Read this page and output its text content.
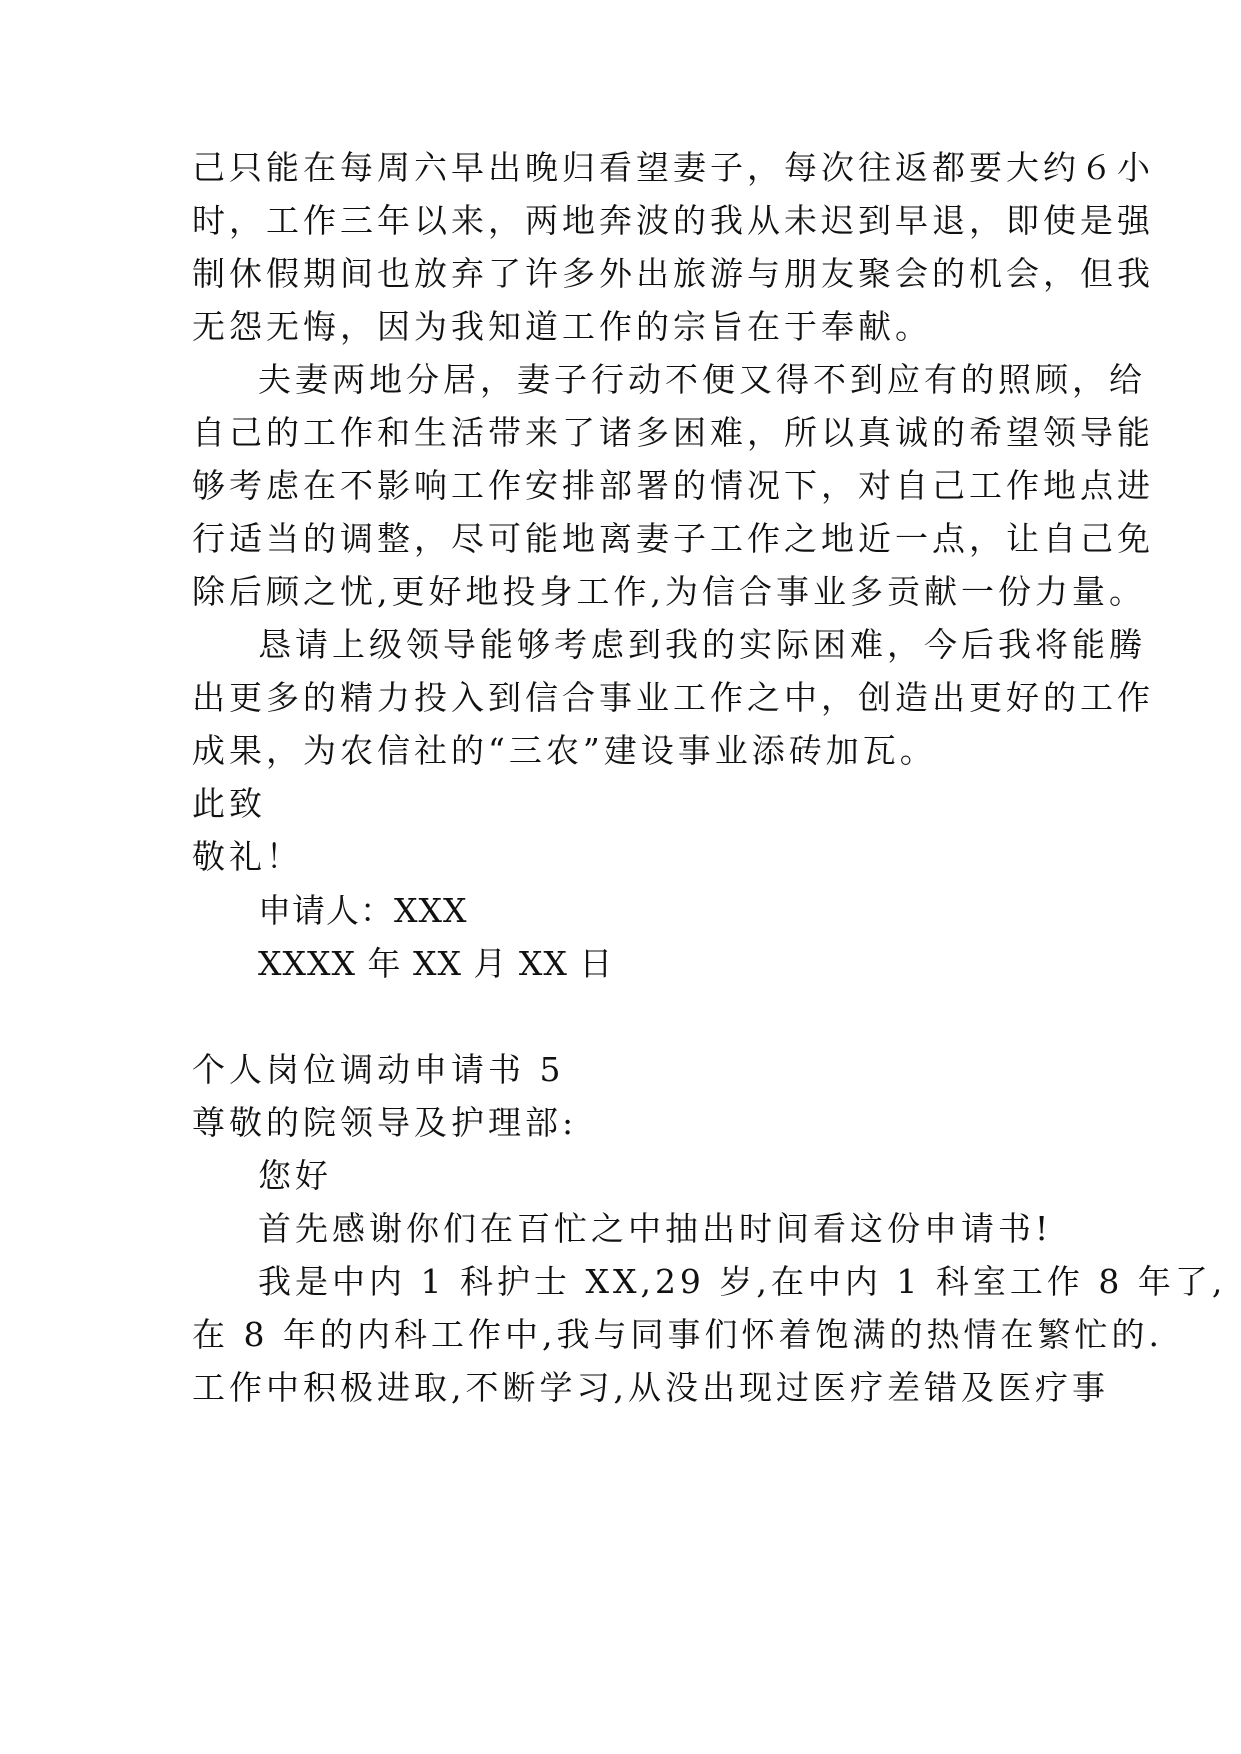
己只能在每周六早出晚归看望妻子，每次往返都要大约６小
时，工作三年以来，两地奔波的我从未迟到早退，即使是强
制休假期间也放弃了许多外出旅游与朋友聚会的机会，但我
无怨无悔，因为我知道工作的宗旨在于奉献。
夫妻两地分居，妻子行动不便又得不到应有的照顾，给
自己的工作和生活带来了诸多困难，所以真诚的希望领导能
够考虑在不影响工作安排部署的情况下，对自己工作地点进
行适当的调整，尽可能地离妻子工作之地近一点，让自己免
除后顾之忧,更好地投身工作,为信合事业多贡献一份力量。
恳请上级领导能够考虑到我的实际困难，今后我将能腾
出更多的精力投入到信合事业工作之中，创造出更好的工作
成果，为农信社的“三农”建设事业添砖加瓦。
此致
敬礼！
申请人：XXX
XXXX 年 XX 月 XX 日
个人岗位调动申请书 5
尊敬的院领导及护理部:
您好
首先感谢你们在百忙之中抽出时间看这份申请书!
我是中内 1 科护士 XX,29 岁,在中内 1 科室工作 8 年了,
在 8 年的内科工作中,我与同事们怀着饱满的热情在繁忙的.
工作中积极进取,不断学习,从没出现过医疗差错及医疗事
